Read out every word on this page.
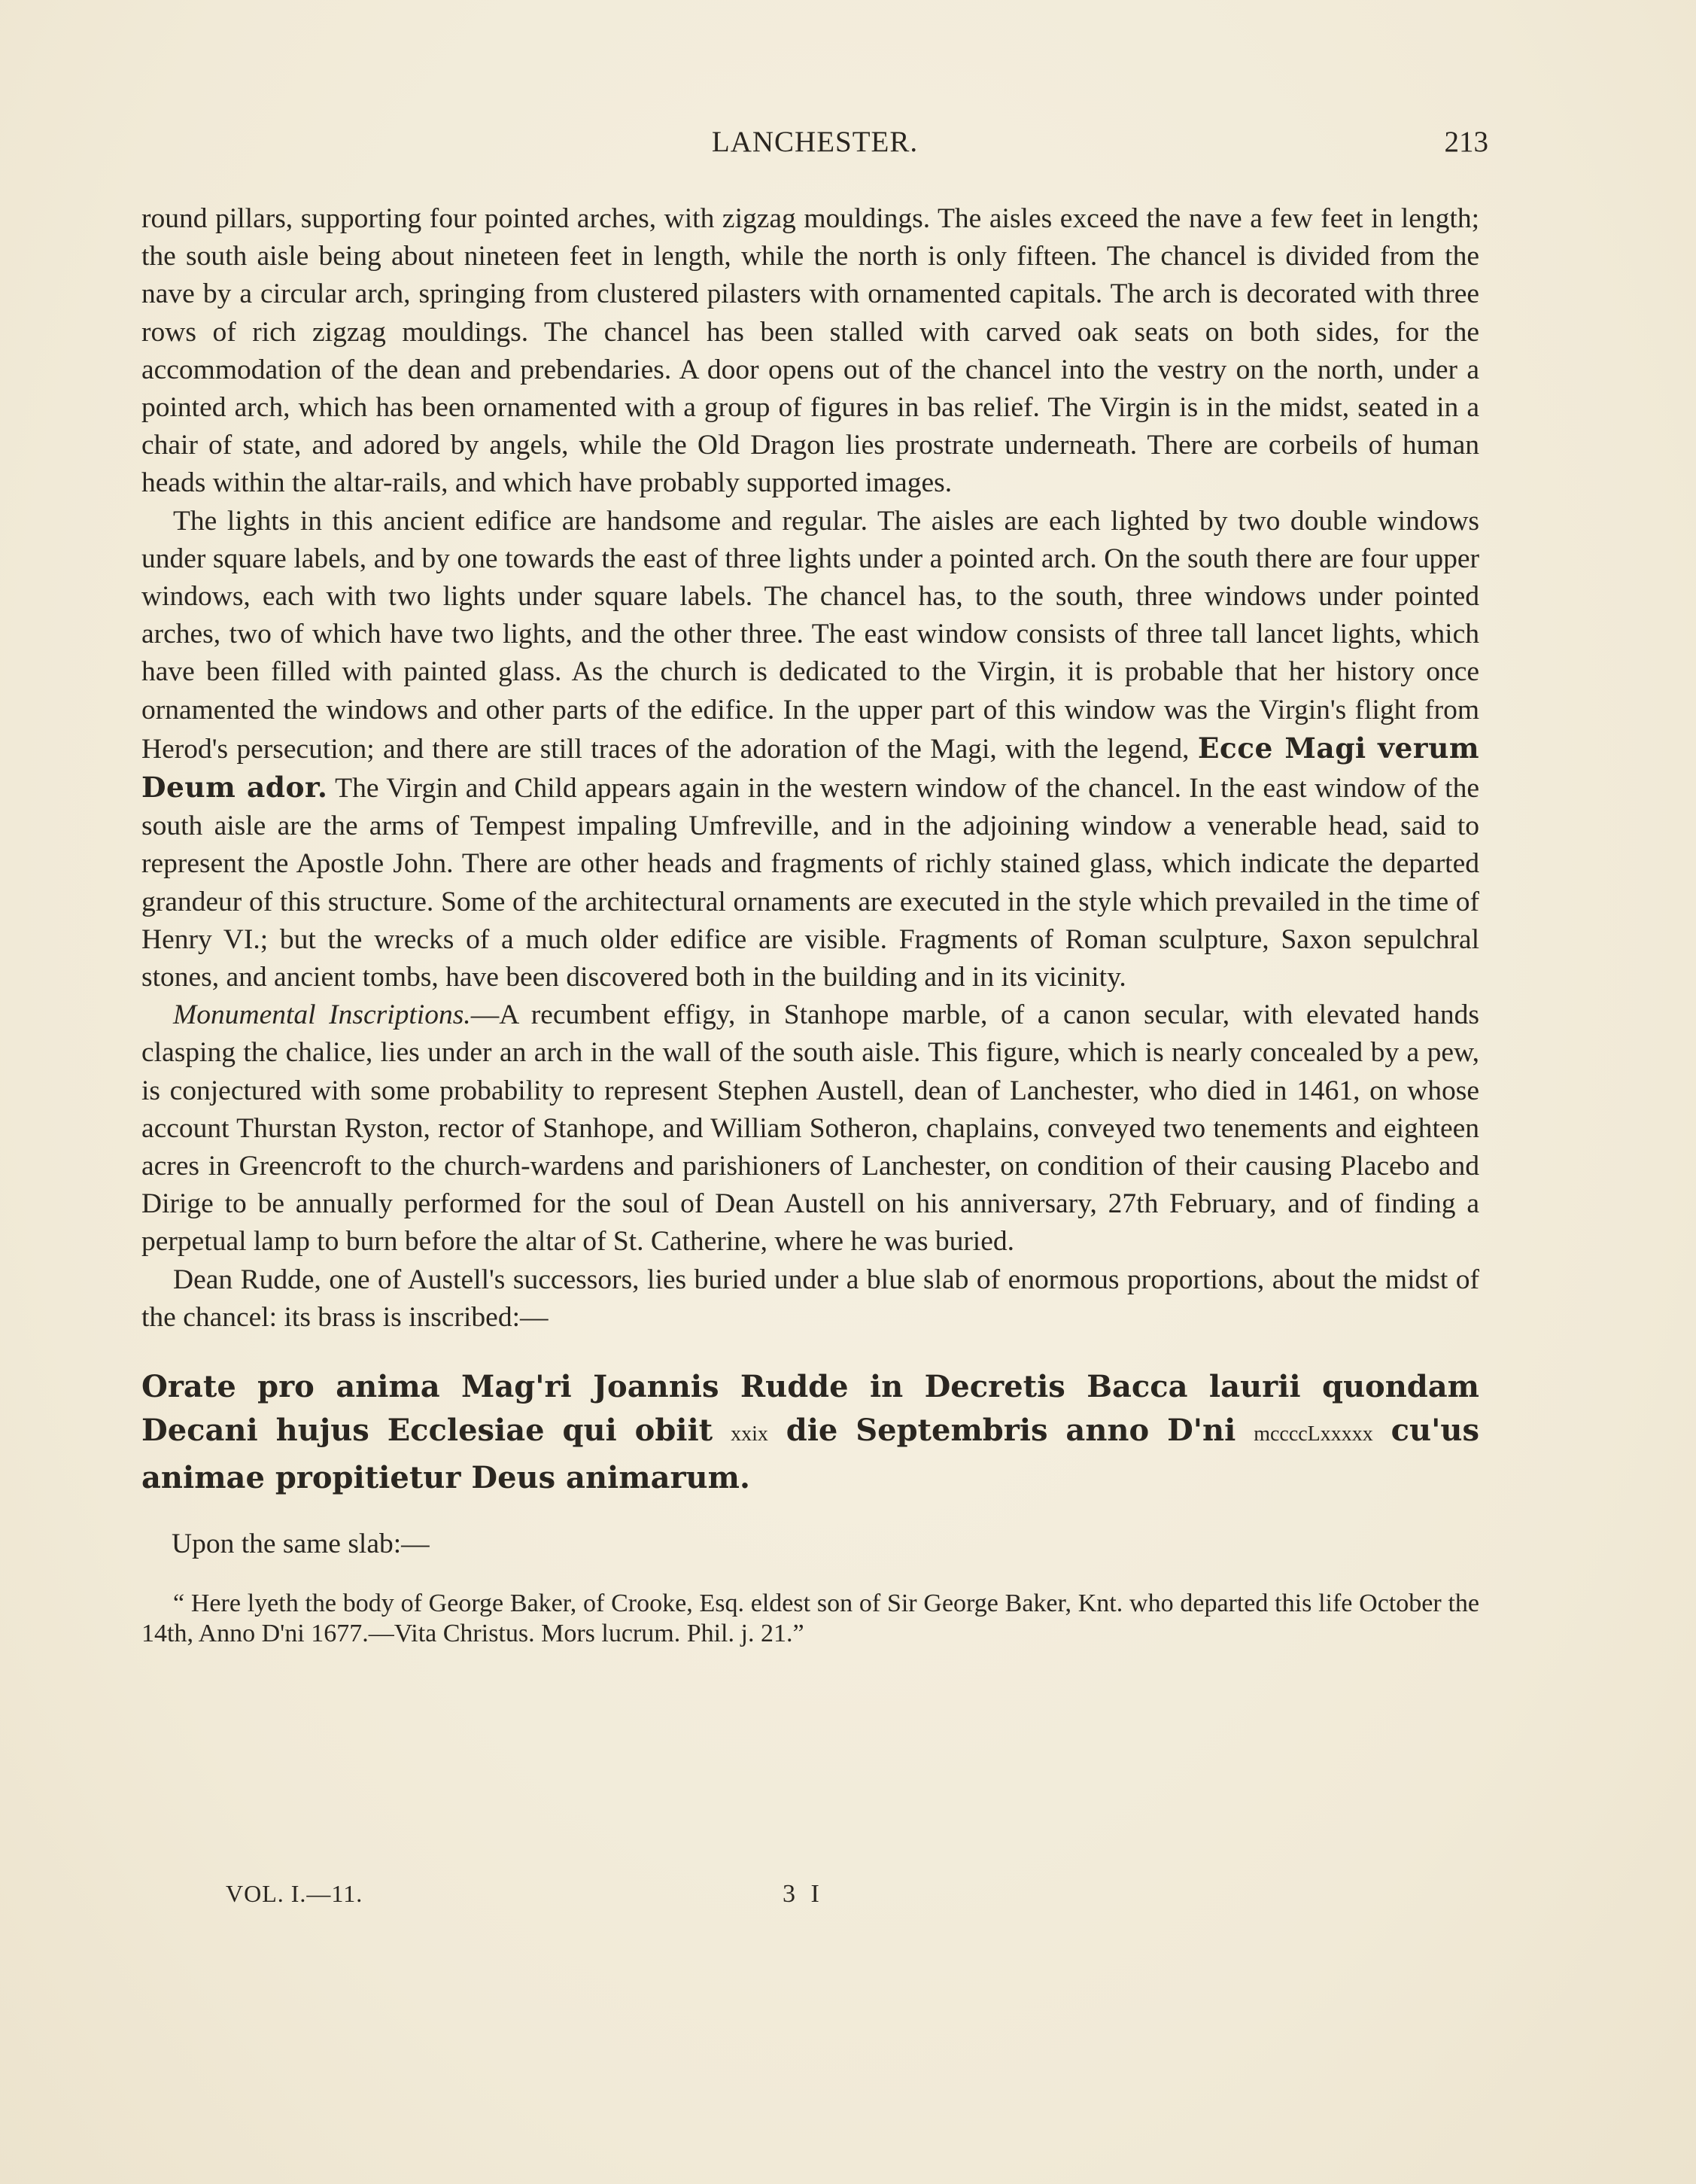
LANCHESTER.	213

round pillars, supporting four pointed arches, with zigzag mouldings. The aisles exceed the nave a few feet in length; the south aisle being about nineteen feet in length, while the north is only fifteen. The chancel is divided from the nave by a circular arch, springing from clustered pilasters with ornamented capitals. The arch is decorated with three rows of rich zigzag mouldings. The chancel has been stalled with carved oak seats on both sides, for the accommodation of the dean and prebendaries. A door opens out of the chancel into the vestry on the north, under a pointed arch, which has been ornamented with a group of figures in bas relief. The Virgin is in the midst, seated in a chair of state, and adored by angels, while the Old Dragon lies prostrate underneath. There are corbeils of human heads within the altar-rails, and which have probably supported images.

The lights in this ancient edifice are handsome and regular. The aisles are each lighted by two double windows under square labels, and by one towards the east of three lights under a pointed arch. On the south there are four upper windows, each with two lights under square labels. The chancel has, to the south, three windows under pointed arches, two of which have two lights, and the other three. The east window consists of three tall lancet lights, which have been filled with painted glass. As the church is dedicated to the Virgin, it is probable that her history once ornamented the windows and other parts of the edifice. In the upper part of this window was the Virgin's flight from Herod's persecution; and there are still traces of the adoration of the Magi, with the legend, Ecce Magi verum Deum ador. The Virgin and Child appears again in the western window of the chancel. In the east window of the south aisle are the arms of Tempest impaling Umfreville, and in the adjoining window a venerable head, said to represent the Apostle John. There are other heads and fragments of richly stained glass, which indicate the departed grandeur of this structure. Some of the architectural ornaments are executed in the style which prevailed in the time of Henry VI.; but the wrecks of a much older edifice are visible. Fragments of Roman sculpture, Saxon sepulchral stones, and ancient tombs, have been discovered both in the building and in its vicinity.

Monumental Inscriptions.—A recumbent effigy, in Stanhope marble, of a canon secular, with elevated hands clasping the chalice, lies under an arch in the wall of the south aisle. This figure, which is nearly concealed by a pew, is conjectured with some probability to represent Stephen Austell, dean of Lanchester, who died in 1461, on whose account Thurstan Ryston, rector of Stanhope, and William Sotheron, chaplains, conveyed two tenements and eighteen acres in Greencroft to the church-wardens and parishioners of Lanchester, on condition of their causing Placebo and Dirige to be annually performed for the soul of Dean Austell on his anniversary, 27th February, and of finding a perpetual lamp to burn before the altar of St. Catherine, where he was buried.

Dean Rudde, one of Austell's successors, lies buried under a blue slab of enormous proportions, about the midst of the chancel: its brass is inscribed:—

Orate pro anima Mag'ri Joannis Rudde in Decretis Bacca laurii quondam Decani hujus Ecclesiae qui obiit xxix die Septembris anno D'ni mccccLxxxxx cu'us animae propitietur Deus animarum.

Upon the same slab:—

“ Here lyeth the body of George Baker, of Crooke, Esq. eldest son of Sir George Baker, Knt. who departed this life October the 14th, Anno D'ni 1677.—Vita Christus. Mors lucrum. Phil. j. 21.”

VOL. I.—11.	3 I
